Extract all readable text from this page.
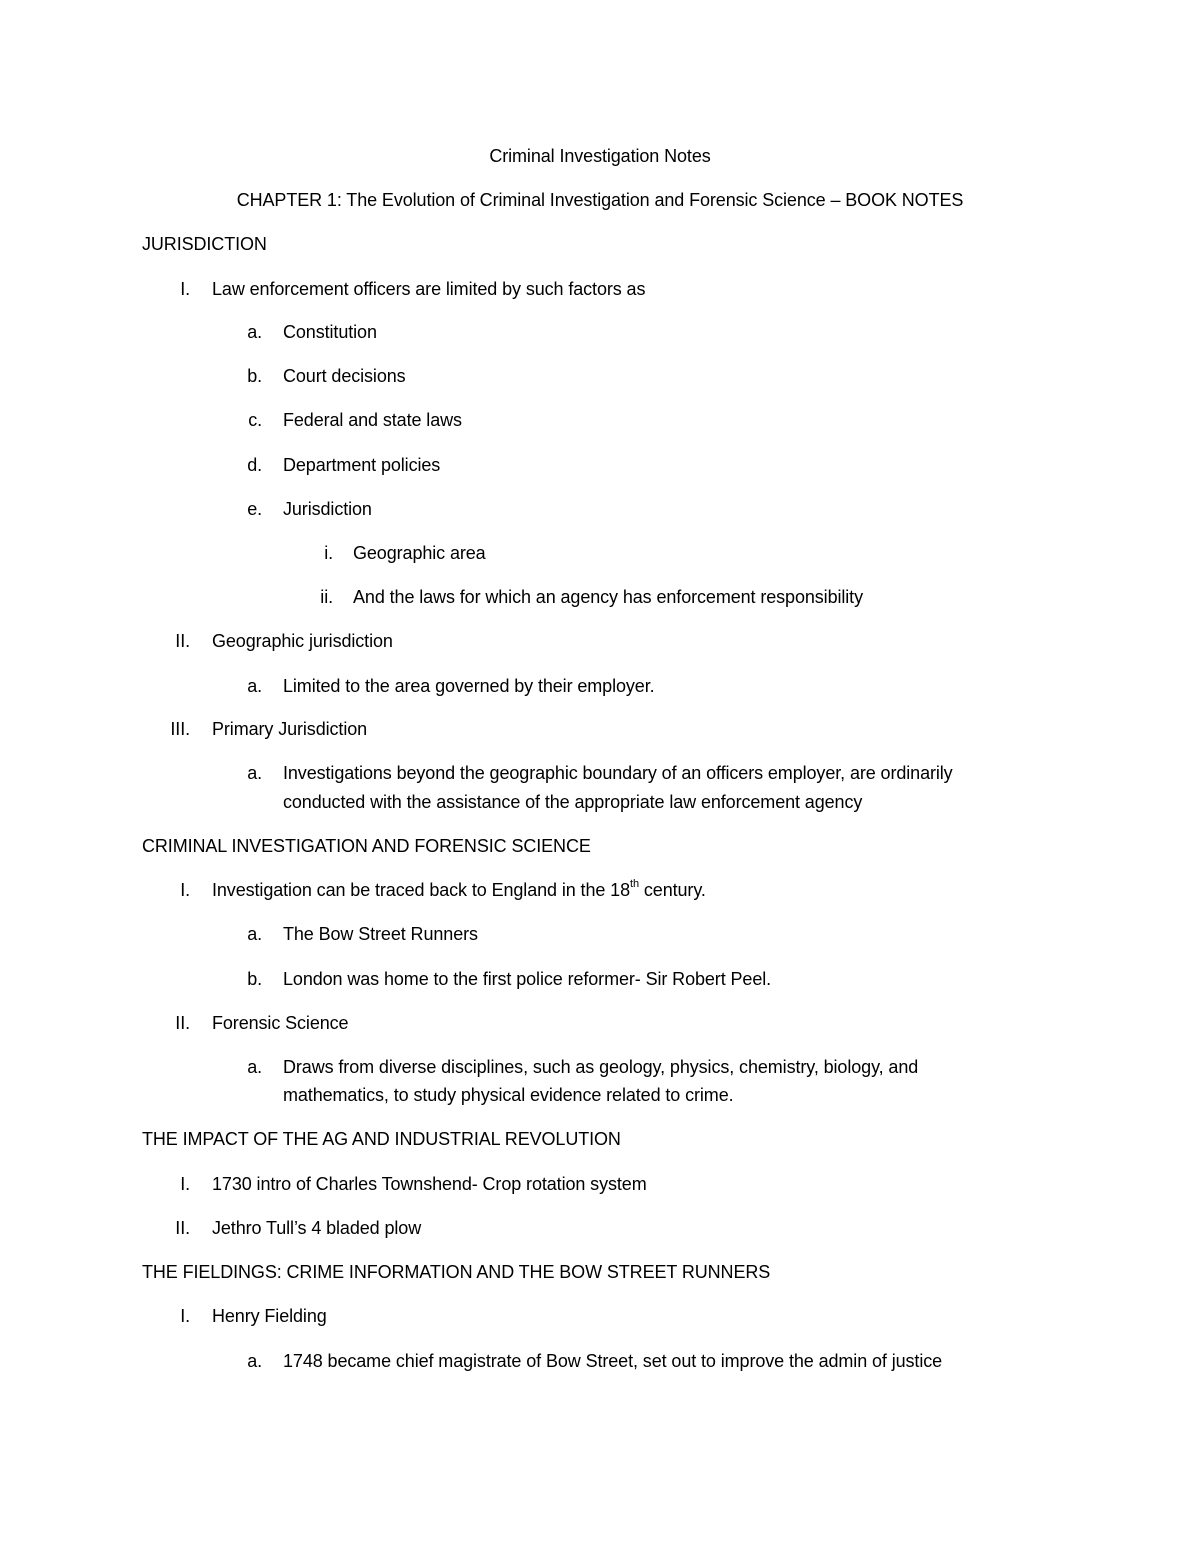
Criminal Investigation Notes
CHAPTER 1: The Evolution of Criminal Investigation and Forensic Science – BOOK NOTES
JURISDICTION
I. Law enforcement officers are limited by such factors as
a. Constitution
b. Court decisions
c. Federal and state laws
d. Department policies
e. Jurisdiction
i. Geographic area
ii. And the laws for which an agency has enforcement responsibility
II. Geographic jurisdiction
a. Limited to the area governed by their employer.
III. Primary Jurisdiction
a. Investigations beyond the geographic boundary of an officers employer, are ordinarily
conducted with the assistance of the appropriate law enforcement agency
CRIMINAL INVESTIGATION AND FORENSIC SCIENCE
I. Investigation can be traced back to England in the 18th century.
a. The Bow Street Runners
b. London was home to the first police reformer- Sir Robert Peel.
II. Forensic Science
a. Draws from diverse disciplines, such as geology, physics, chemistry, biology, and
mathematics, to study physical evidence related to crime.
THE IMPACT OF THE AG AND INDUSTRIAL REVOLUTION
I. 1730 intro of Charles Townshend- Crop rotation system
II. Jethro Tull’s 4 bladed plow
THE FIELDINGS: CRIME INFORMATION AND THE BOW STREET RUNNERS
I. Henry Fielding
a. 1748 became chief magistrate of Bow Street, set out to improve the admin of justice
